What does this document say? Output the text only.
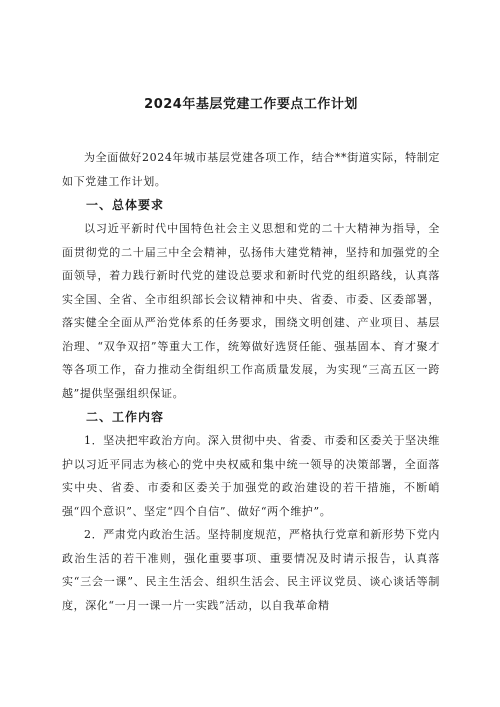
2024年基层党建工作要点工作计划

为全面做好2024年城市基层党建各项工作，结合**街道实际，特制定如下党建工作计划。

一、总体要求

以习近平新时代中国特色社会主义思想和党的二十大精神为指导，全面贯彻党的二十届三中全会精神，弘扬伟大建党精神，坚持和加强党的全面领导，着力践行新时代党的建设总要求和新时代党的组织路线，认真落实全国、全省、全市组织部长会议精神和中央、省委、市委、区委部署，落实健全全面从严治党体系的任务要求，围绕文明创建、产业项目、基层治理、“双争双招”等重大工作，统筹做好选贤任能、强基固本、育才聚才等各项工作，奋力推动全街组织工作高质量发展，为实现“三高五区一跨越”提供坚强组织保证。

二、工作内容

1．坚决把牢政治方向。深入贯彻中央、省委、市委和区委关于坚决维护以习近平同志为核心的党中央权威和集中统一领导的决策部署，全面落实中央、省委、市委和区委关于加强党的政治建设的若干措施，不断峭强“四个意识”、坚定“四个自信”、做好“两个维护”。

2．严肃党内政治生活。坚持制度规范，严格执行党章和新形势下党内政治生活的若干准则，强化重要事项、重要情况及时请示报告，认真落实“三会一课”、民主生活会、组织生活会、民主评议党员、谈心谈话等制度，深化“一月一课一片一实践”活动，以自我革命精
